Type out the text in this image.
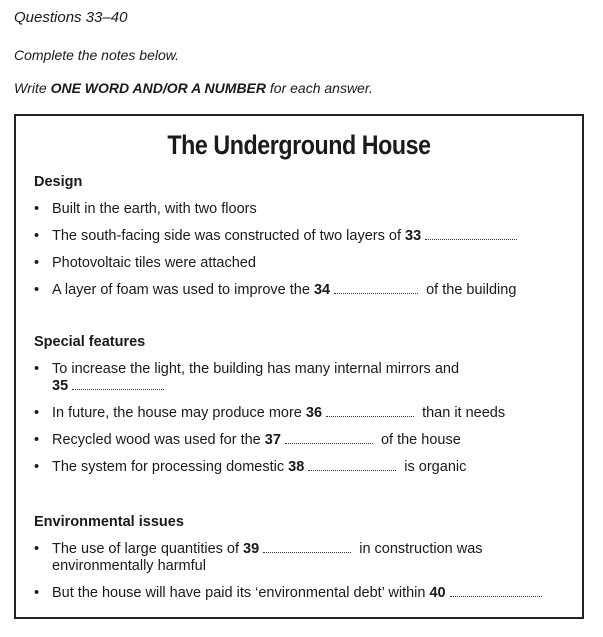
Questions 33–40
Complete the notes below.
Write ONE WORD AND/OR A NUMBER for each answer.
The Underground House
Design
• Built in the earth, with two floors
• The south-facing side was constructed of two layers of 33
• Photovoltaic tiles were attached
• A layer of foam was used to improve the 34	of the building
Special features
• To increase the light, the building has many internal mirrors and
35
• In future, the house may produce more 36	than it needs
• Recycled wood was used for the 37	of the house
• The system for processing domestic 38	is organic
Environmental issues
• The use of large quantities of 39	in construction was environmentally harmful
• But the house will have paid its ‘environmental debt’ within 40
